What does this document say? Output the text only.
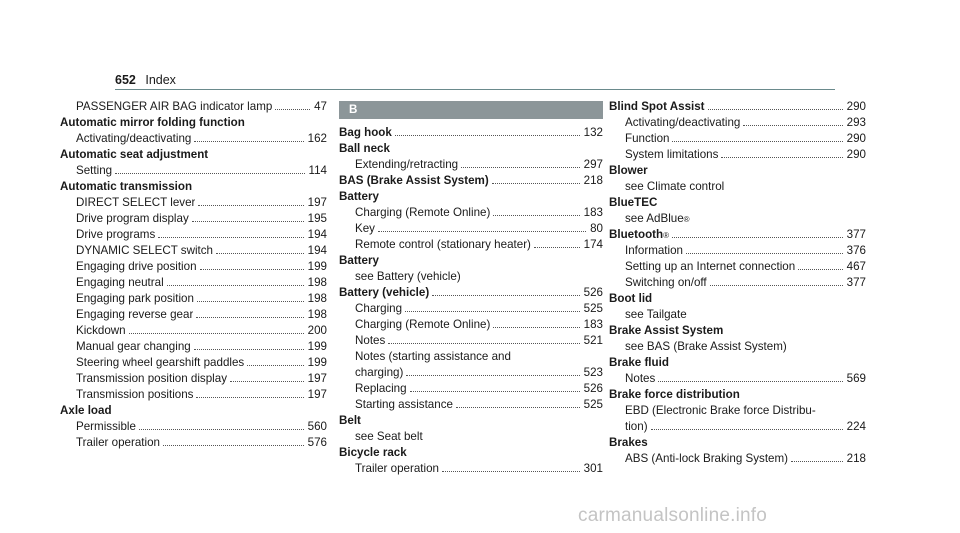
652 Index
PASSENGER AIR BAG indicator lamp	47
Automatic mirror folding function
Activating/deactivating	162
Automatic seat adjustment
Setting	114
Automatic transmission
DIRECT SELECT lever	197
Drive program display	195
Drive programs	194
DYNAMIC SELECT switch	194
Engaging drive position	199
Engaging neutral	198
Engaging park position	198
Engaging reverse gear	198
Kickdown	200
Manual gear changing	199
Steering wheel gearshift paddles	199
Transmission position display	197
Transmission positions	197
Axle load
Permissible	560
Trailer operation	576
B
Bag hook	132
Ball neck
Extending/retracting	297
BAS (Brake Assist System)	218
Battery
Charging (Remote Online)	183
Key	80
Remote control (stationary heater)	174
Battery
see Battery (vehicle)
Battery (vehicle)	526
Charging	525
Charging (Remote Online)	183
Notes	521
Notes (starting assistance and
charging)	523
Replacing	526
Starting assistance	525
Belt
see Seat belt
Bicycle rack
Trailer operation	301
Blind Spot Assist	290
Activating/deactivating	293
Function	290
System limitations	290
Blower
see Climate control
BlueTEC
see AdBlue ®
Bluetooth ®	377
Information	376
Setting up an Internet connection	467
Switching on/off	377
Boot lid
see Tailgate
Brake Assist System
see BAS (Brake Assist System)
Brake fluid
Notes	569
Brake force distribution
EBD (Electronic Brake force Distribu-
tion)	224
Brakes
ABS (Anti-lock Braking System)	218
carmanualsonline.info
